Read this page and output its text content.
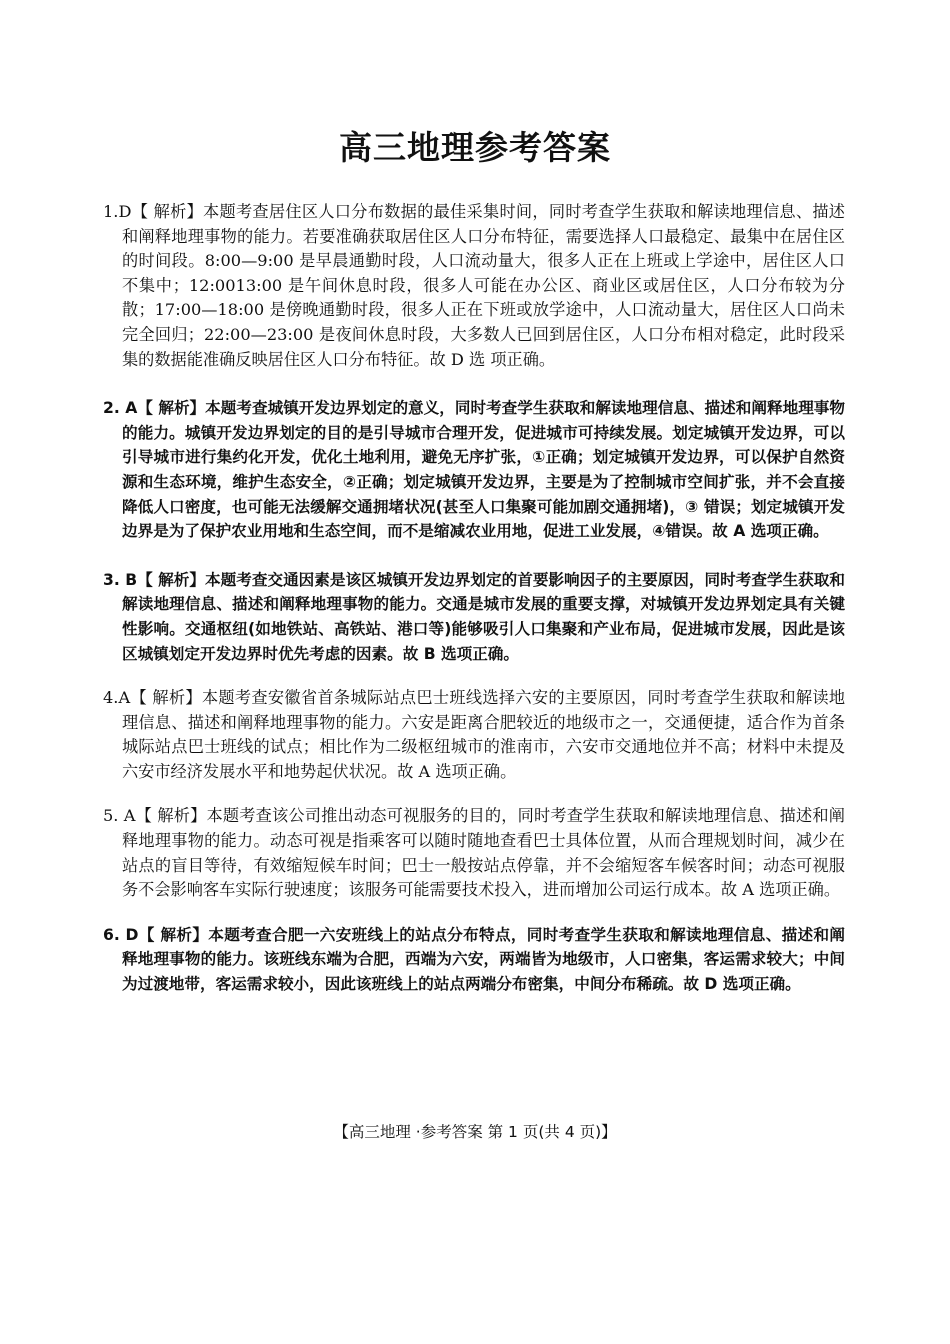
高三地理参考答案

1.D【 解析】本题考查居住区人口分布数据的最佳采集时间，同时考查学生获取和解读地理信息、描述和阐释地理事物的能力。若要准确获取居住区人口分布特征，需要选择人口最稳定、最集中在居住区的时间段。8:00—9:00 是早晨通勤时段，人口流动量大，很多人正在上班或上学途中，居住区人口不集中；12:0013:00 是午间休息时段，很多人可能在办公区、商业区或居住区，人口分布较为分散；17:00—18:00 是傍晚通勤时段，很多人正在下班或放学途中，人口流动量大，居住区人口尚未完全回归；22:00—23:00 是夜间休息时段，大多数人已回到居住区，人口分布相对稳定，此时段采集的数据能准确反映居住区人口分布特征。故 D 选 项正确。

2. A【 解析】本题考查城镇开发边界划定的意义，同时考查学生获取和解读地理信息、描述和阐释地理事物的能力。城镇开发边界划定的目的是引导城市合理开发，促进城市可持续发展。划定城镇开发边界，可以引导城市进行集约化开发，优化土地利用，避免无序扩张，①正确；划定城镇开发边界，可以保护自然资源和生态环境，维护生态安全，②正确；划定城镇开发边界，主要是为了控制城市空间扩张，并不会直接降低人口密度，也可能无法缓解交通拥堵状况(甚至人口集聚可能加剧交通拥堵)，③ 错误；划定城镇开发边界是为了保护农业用地和生态空间，而不是缩减农业用地，促进工业发展，④错误。故 A 选项正确。

3. B【 解析】本题考查交通因素是该区城镇开发边界划定的首要影响因子的主要原因，同时考查学生获取和解读地理信息、描述和阐释地理事物的能力。交通是城市发展的重要支撑，对城镇开发边界划定具有关键性影响。交通枢纽(如地铁站、高铁站、港口等)能够吸引人口集聚和产业布局，促进城市发展，因此是该区城镇划定开发边界时优先考虑的因素。故 B 选项正确。

4.A【 解析】本题考查安徽省首条城际站点巴士班线选择六安的主要原因，同时考查学生获取和解读地理信息、描述和阐释地理事物的能力。六安是距离合肥较近的地级市之一，交通便捷，适合作为首条城际站点巴士班线的试点；相比作为二级枢纽城市的淮南市，六安市交通地位并不高；材料中未提及六安市经济发展水平和地势起伏状况。故 A 选项正确。

5. A【 解析】本题考查该公司推出动态可视服务的目的，同时考查学生获取和解读地理信息、描述和阐释地理事物的能力。动态可视是指乘客可以随时随地查看巴士具体位置，从而合理规划时间，减少在站点的盲目等待，有效缩短候车时间；巴士一般按站点停靠，并不会缩短客车候客时间；动态可视服务不会影响客车实际行驶速度；该服务可能需要技术投入，进而增加公司运行成本。故 A 选项正确。

6. D【 解析】本题考查合肥一六安班线上的站点分布特点，同时考查学生获取和解读地理信息、描述和阐释地理事物的能力。该班线东端为合肥，西端为六安，两端皆为地级市，人口密集，客运需求较大；中间为过渡地带，客运需求较小，因此该班线上的站点两端分布密集，中间分布稀疏。故 D 选项正确。

【高三地理 ·参考答案 第 1 页(共 4 页)】
